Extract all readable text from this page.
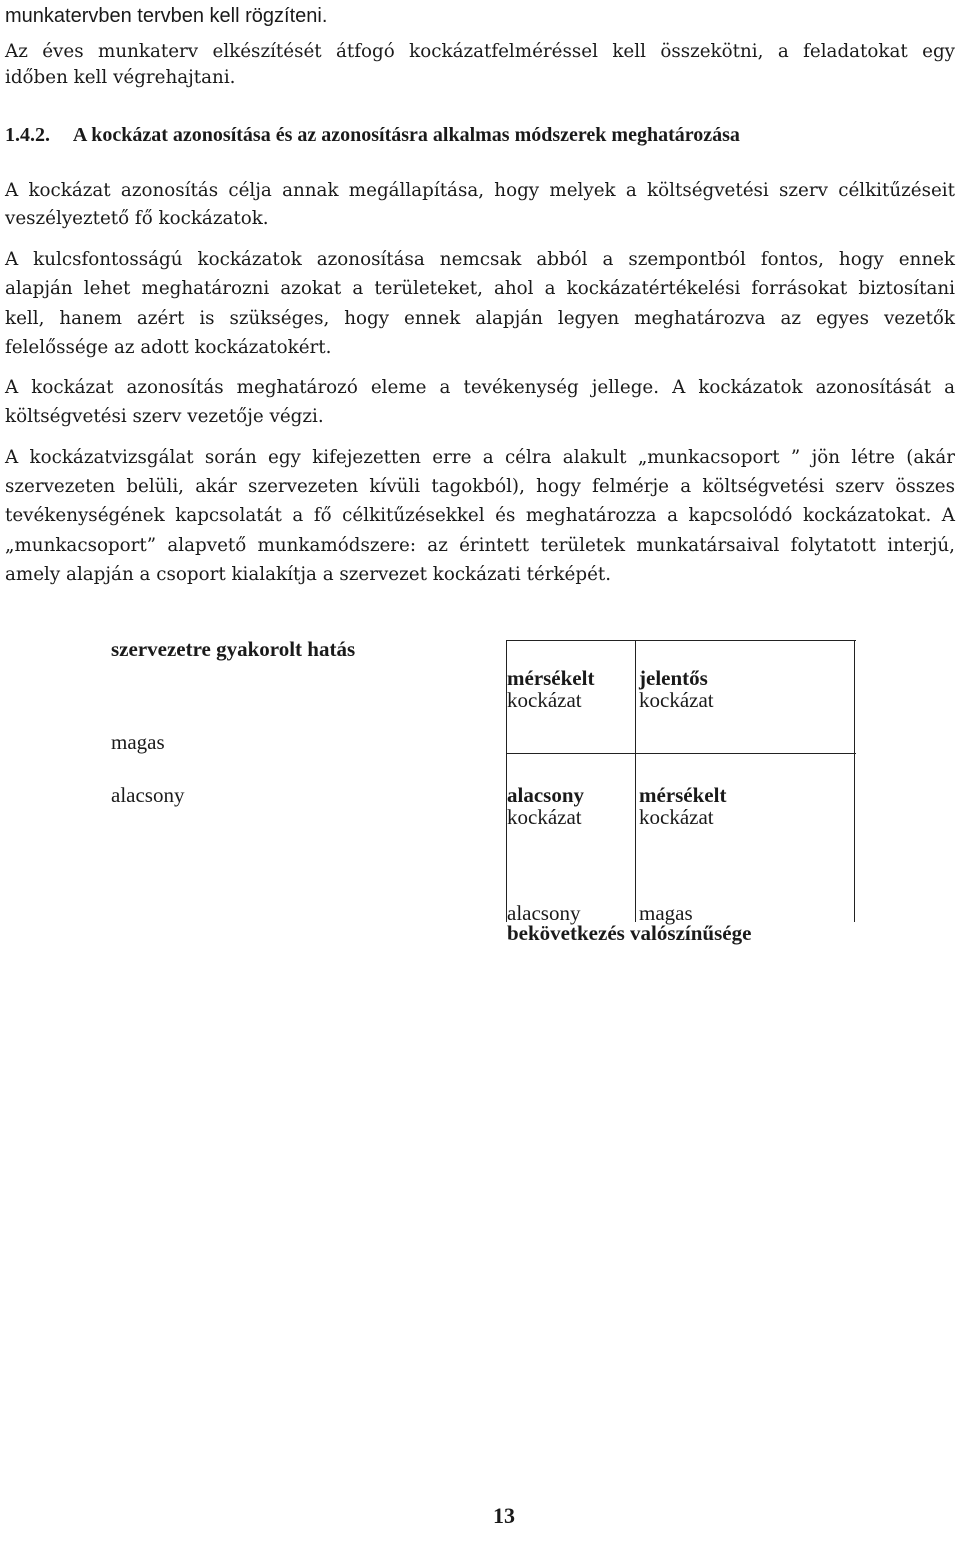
munkatervben tervben kell rögzíteni.
Az éves munkaterv elkészítését átfogó kockázatfelméréssel kell összekötni, a feladatokat egy
időben kell végrehajtani.
1.4.2. A kockázat azonosítása és az azonosításra alkalmas módszerek meghatározása
A kockázat azonosítás célja annak megállapítása, hogy melyek a költségvetési szerv célkitűzéseit
veszélyeztető fő kockázatok.
A kulcsfontosságú kockázatok azonosítása nemcsak abból a szempontból fontos, hogy ennek
alapján lehet meghatározni azokat a területeket, ahol a kockázatértékelési forrásokat biztosítani
kell, hanem azért is szükséges, hogy ennek alapján legyen meghatározva az egyes vezetők
felelőssége az adott kockázatokért.
A kockázat azonosítás meghatározó eleme a tevékenység jellege. A kockázatok azonosítását a
költségvetési szerv vezetője végzi.
A kockázatvizsgálat során egy kifejezetten erre a célra alakult „munkacsoport ” jön létre (akár
szervezeten belüli, akár szervezeten kívüli tagokból), hogy felmérje a költségvetési szerv összes
tevékenységének kapcsolatát a fő célkitűzésekkel és meghatározza a kapcsolódó kockázatokat. A
„munkacsoport” alapvető munkamódszere: az érintett területek munkatársaival folytatott interjú,
amely alapján a csoport kialakítja a szervezet kockázati térképét.
szervezetre gyakorolt hatás
magas
alacsony
mérsékelt
kockázat
jelentős
kockázat
alacsony
kockázat
mérsékelt
kockázat
alacsony	magas
bekövetkezés valószínűsége
13
